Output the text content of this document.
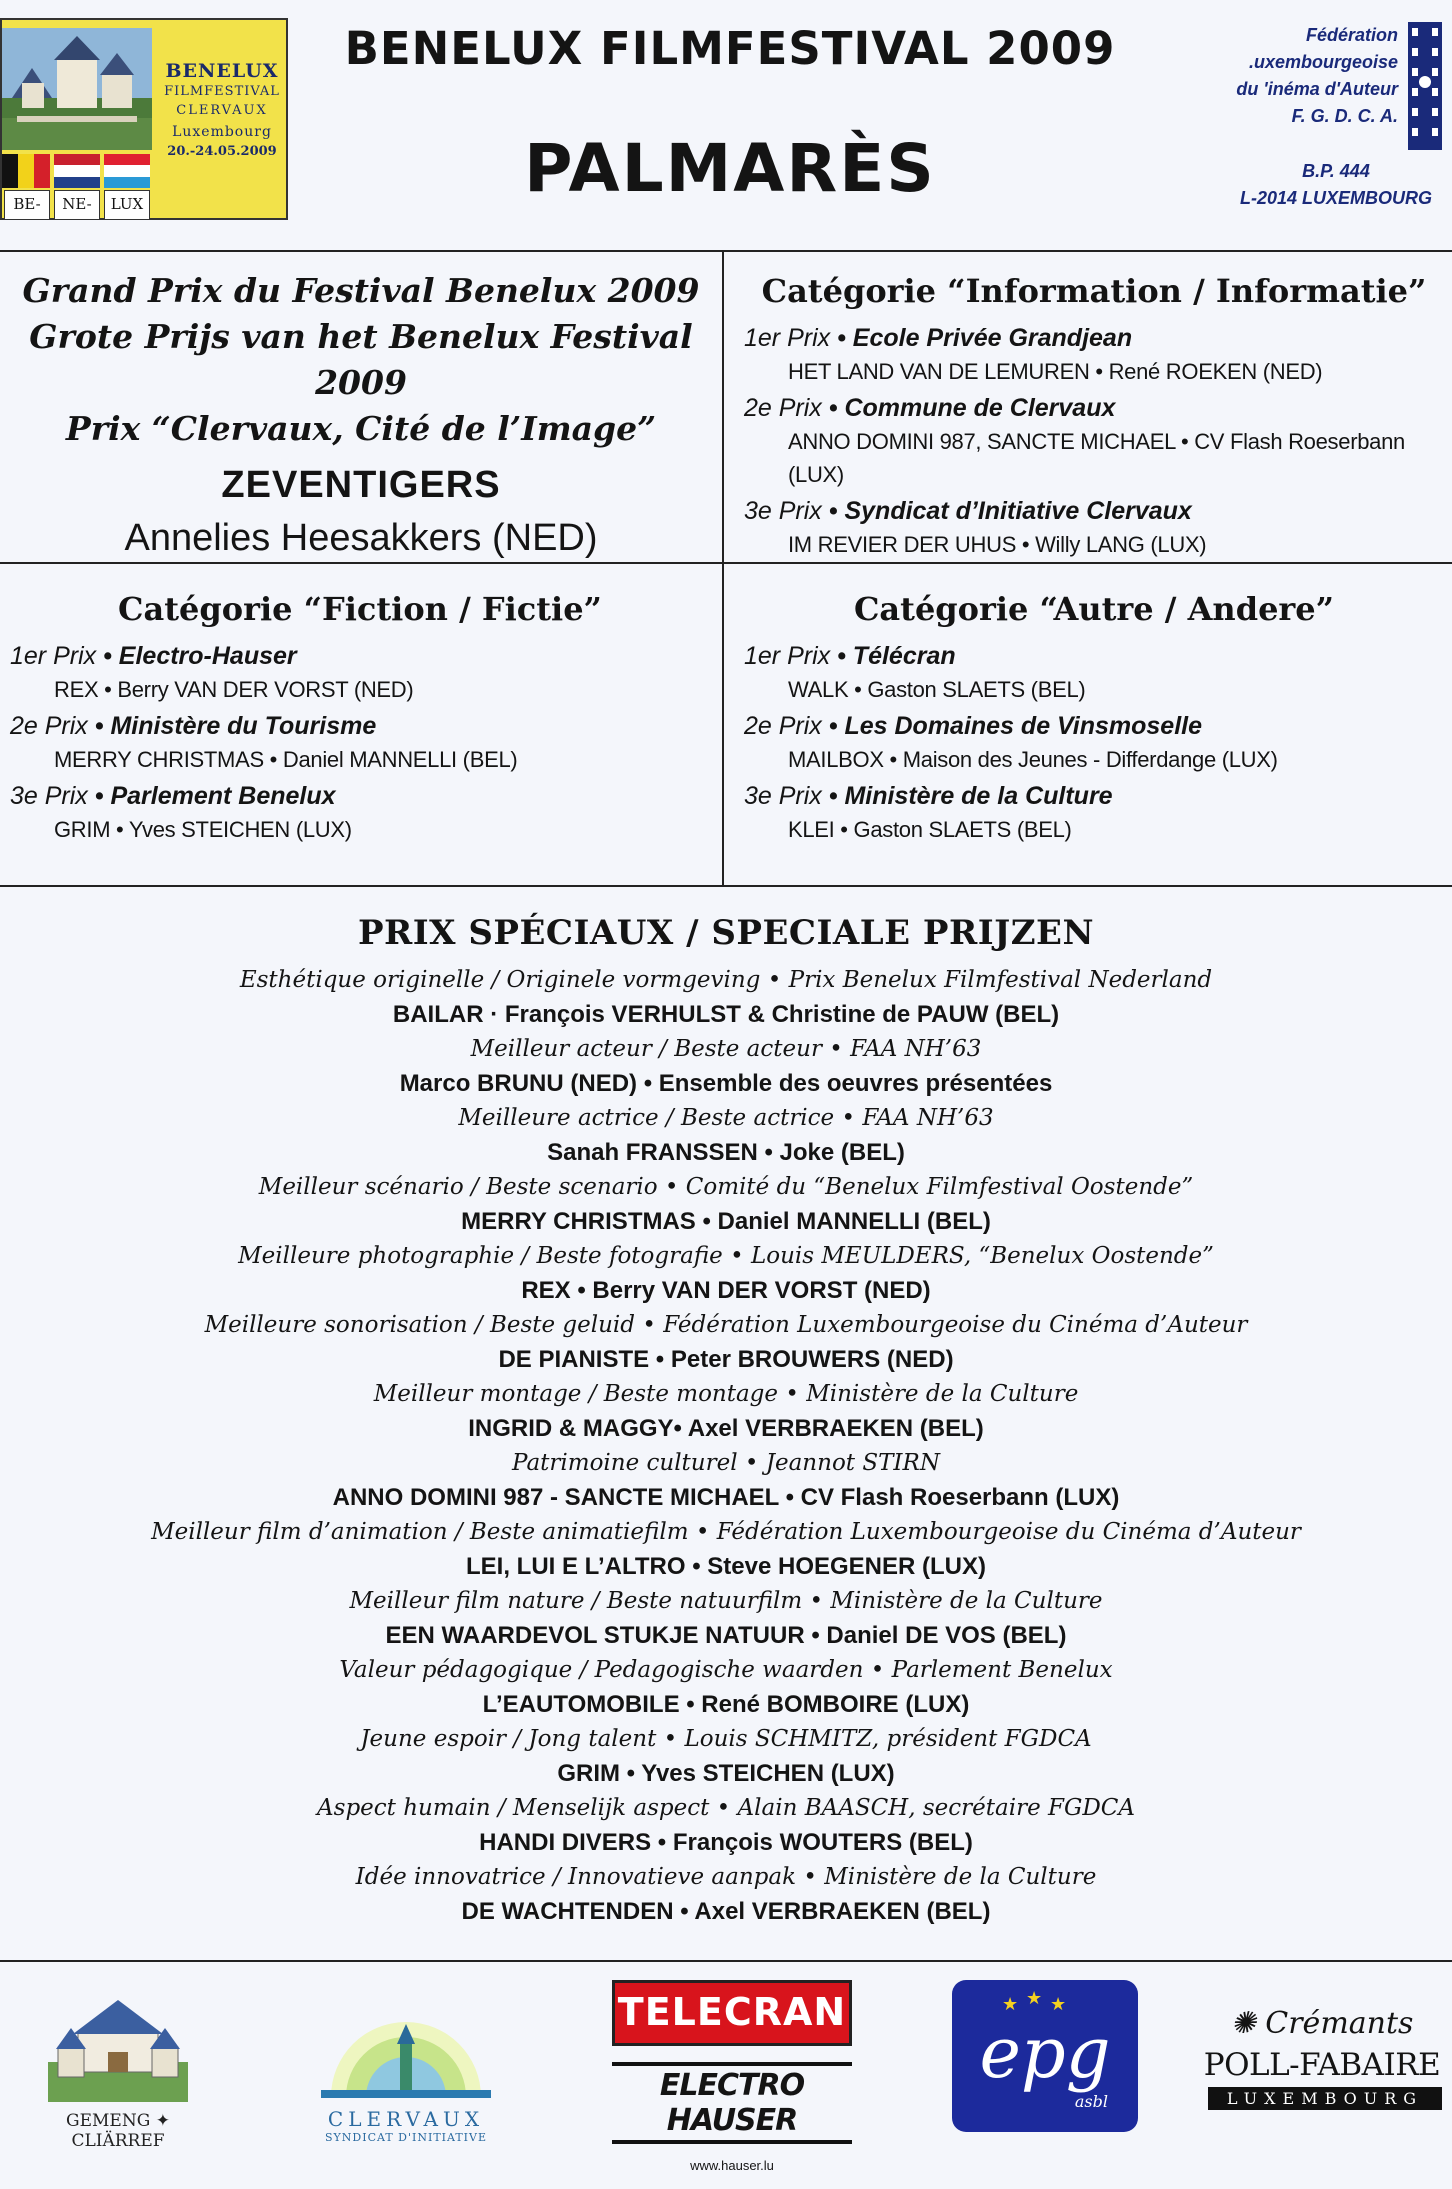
BENELUX
FILMFESTIVAL
CLERVAUX
Luxembourg
20.-24.05.2009
BE-	NE-	LUX
BENELUX FILMFESTIVAL 2009
PALMARÈS
Fédération
.uxembourgeoise
du 'inéma d'Auteur
F. G. D. C. A.
B.P. 444
L-2014 LUXEMBOURG
Grand Prix du Festival Benelux 2009
Grote Prijs van het Benelux Festival 2009
Prix “Clervaux, Cité de l’Image”
ZEVENTIGERS
Annelies Heesakkers (NED)
Catégorie “Information / Informatie”
1er Prix • Ecole Privée Grandjean
HET LAND VAN DE LEMUREN • René ROEKEN (NED)
2e Prix • Commune de Clervaux
ANNO DOMINI 987, SANCTE MICHAEL • CV Flash Roeserbann (LUX)
3e Prix • Syndicat d’Initiative Clervaux
IM REVIER DER UHUS • Willy LANG (LUX)
Catégorie “Fiction / Fictie”
1er Prix • Electro-Hauser
REX • Berry VAN DER VORST (NED)
2e Prix • Ministère du Tourisme
MERRY CHRISTMAS • Daniel MANNELLI (BEL)
3e Prix • Parlement Benelux
GRIM • Yves STEICHEN (LUX)
Catégorie “Autre / Andere”
1er Prix • Télécran
WALK • Gaston SLAETS (BEL)
2e Prix • Les Domaines de Vinsmoselle
MAILBOX • Maison des Jeunes - Differdange (LUX)
3e Prix • Ministère de la Culture
KLEI • Gaston SLAETS (BEL)
PRIX SPÉCIAUX / SPECIALE PRIJZEN
Esthétique originelle / Originele vormgeving • Prix Benelux Filmfestival Nederland
BAILAR · François VERHULST & Christine de PAUW (BEL)
Meilleur acteur / Beste acteur • FAA NH’63
Marco BRUNU (NED) • Ensemble des oeuvres présentées
Meilleure actrice / Beste actrice • FAA NH’63
Sanah FRANSSEN • Joke (BEL)
Meilleur scénario / Beste scenario • Comité du “Benelux Filmfestival Oostende”
MERRY CHRISTMAS • Daniel MANNELLI (BEL)
Meilleure photographie / Beste fotografie • Louis MEULDERS, “Benelux Oostende”
REX • Berry VAN DER VORST (NED)
Meilleure sonorisation / Beste geluid • Fédération Luxembourgeoise du Cinéma d’Auteur
DE PIANISTE • Peter BROUWERS (NED)
Meilleur montage / Beste montage • Ministère de la Culture
INGRID & MAGGY• Axel VERBRAEKEN (BEL)
Patrimoine culturel • Jeannot STIRN
ANNO DOMINI 987 - SANCTE MICHAEL • CV Flash Roeserbann (LUX)
Meilleur film d’animation / Beste animatiefilm • Fédération Luxembourgeoise du Cinéma d’Auteur
LEI, LUI E L’ALTRO • Steve HOEGENER (LUX)
Meilleur film nature / Beste natuurfilm • Ministère de la Culture
EEN WAARDEVOL STUKJE NATUUR • Daniel DE VOS (BEL)
Valeur pédagogique / Pedagogische waarden • Parlement Benelux
L’EAUTOMOBILE • René BOMBOIRE (LUX)
Jeune espoir / Jong talent • Louis SCHMITZ, président FGDCA
GRIM • Yves STEICHEN (LUX)
Aspect humain / Menselijk aspect • Alain BAASCH, secrétaire FGDCA
HANDI DIVERS • François WOUTERS (BEL)
Idée innovatrice / Innovatieve aanpak • Ministère de la Culture
DE WACHTENDEN • Axel VERBRAEKEN (BEL)
GEMENG ✦ CLIÄRREF
CLERVAUX
SYNDICAT D'INITIATIVE
TELECRAN
ELECTRO HAUSER
www.hauser.lu
★ ★ ★
epg
asbl
✺ Crémants
POLL-FABAIRE
LUXEMBOURG
